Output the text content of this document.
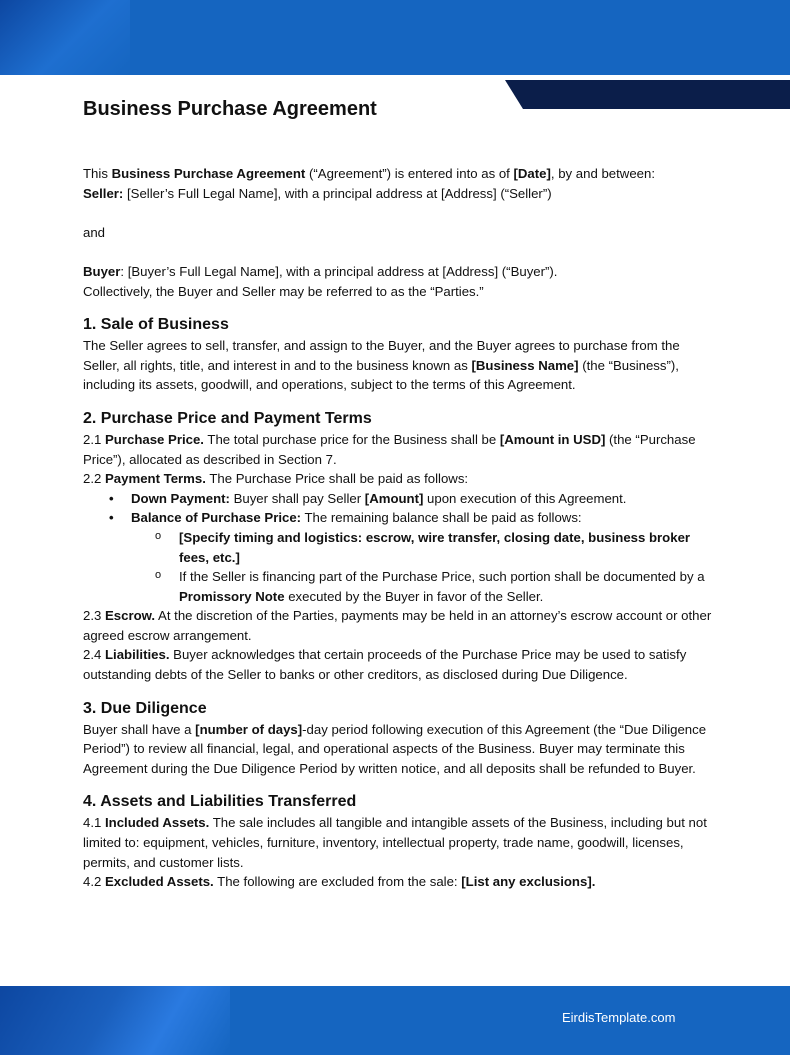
Business Purchase Agreement

This Business Purchase Agreement (“Agreement”) is entered into as of [Date], by and between:

Seller: [Seller’s Full Legal Name], with a principal address at [Address] (“Seller”)

and

Buyer: [Buyer’s Full Legal Name], with a principal address at [Address] (“Buyer”).

Collectively, the Buyer and Seller may be referred to as the “Parties.”

1. Sale of Business

The Seller agrees to sell, transfer, and assign to the Buyer, and the Buyer agrees to purchase from the Seller, all rights, title, and interest in and to the business known as [Business Name] (the “Business”), including its assets, goodwill, and operations, subject to the terms of this Agreement.

2. Purchase Price and Payment Terms

2.1 Purchase Price. The total purchase price for the Business shall be [Amount in USD] (the “Purchase Price”), allocated as described in Section 7.

2.2 Payment Terms. The Purchase Price shall be paid as follows:

• Down Payment: Buyer shall pay Seller [Amount] upon execution of this Agreement.
• Balance of Purchase Price: The remaining balance shall be paid as follows:
o [Specify timing and logistics: escrow, wire transfer, closing date, business broker fees, etc.]
o If the Seller is financing part of the Purchase Price, such portion shall be documented by a Promissory Note executed by the Buyer in favor of the Seller.

2.3 Escrow. At the discretion of the Parties, payments may be held in an attorney’s escrow account or other agreed escrow arrangement.

2.4 Liabilities. Buyer acknowledges that certain proceeds of the Purchase Price may be used to satisfy outstanding debts of the Seller to banks or other creditors, as disclosed during Due Diligence.

3. Due Diligence

Buyer shall have a [number of days]-day period following execution of this Agreement (the “Due Diligence Period”) to review all financial, legal, and operational aspects of the Business. Buyer may terminate this Agreement during the Due Diligence Period by written notice, and all deposits shall be refunded to Buyer.

4. Assets and Liabilities Transferred

4.1 Included Assets. The sale includes all tangible and intangible assets of the Business, including but not limited to: equipment, vehicles, furniture, inventory, intellectual property, trade name, goodwill, licenses, permits, and customer lists.

4.2 Excluded Assets. The following are excluded from the sale: [List any exclusions].

EirdisTemplate.com
